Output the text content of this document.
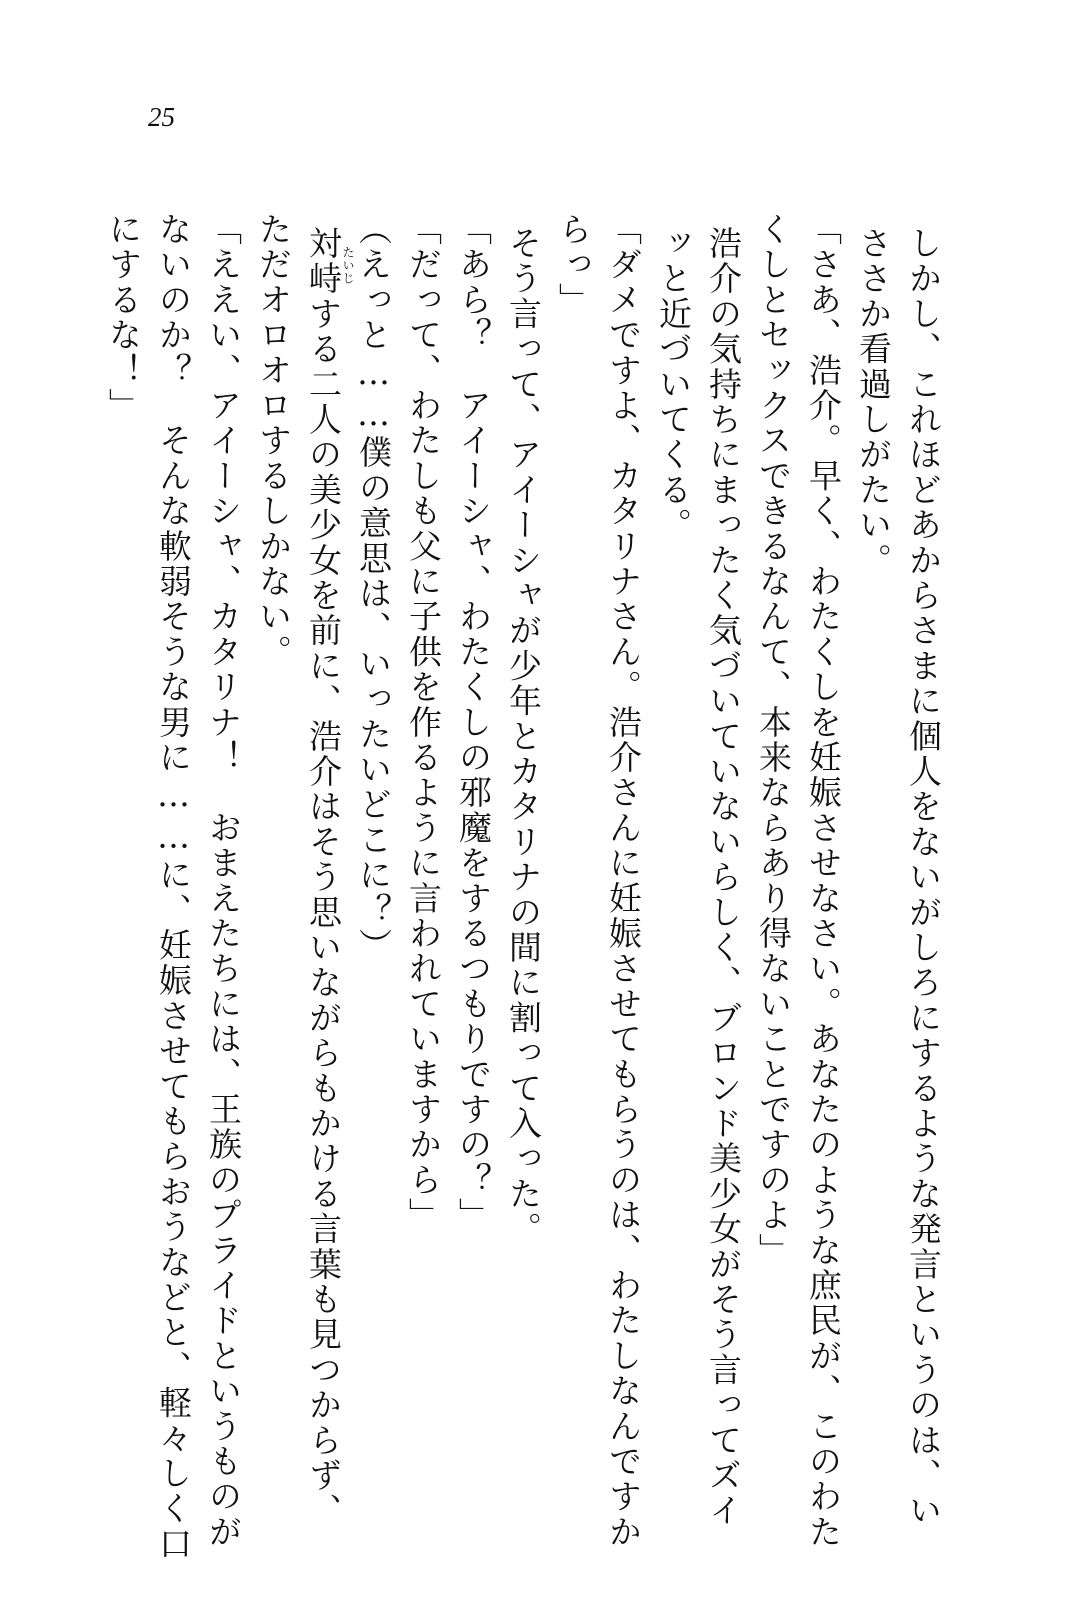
25
しかし、これほどあからさまに個人をないがしろにするような発言というのは、い
ささか看過しがたい。
「さあ、浩介。早く、わたくしを妊娠させなさい。あなたのような庶民が、このわた
くしとセックスできるなんて、本来ならあり得ないことですのよ」
浩介の気持ちにまったく気づいていないらしく、ブロンド美少女がそう言ってズイ
ッと近づいてくる。
「ダメですよ、カタリナさん。浩介さんに妊娠させてもらうのは、わたしなんですか
らっ」
そう言って、アイーシャが少年とカタリナの間に割って入った。
「あら？　アイーシャ、わたくしの邪魔をするつもりですの？」
「だって、わたしも父に子供を作るように言われていますから」
（えっと……僕の意思は、いったいどこに？）
たいじ
対峙する二人の美少女を前に、浩介はそう思いながらもかける言葉も見つからず、
ただオロオロするしかない。
「ええい、アイーシャ、カタリナ！　おまえたちには、王族のプライドというものが
ないのか？　そんな軟弱そうな男に……に、妊娠させてもらおうなどと、軽々しく口
にするな！」
